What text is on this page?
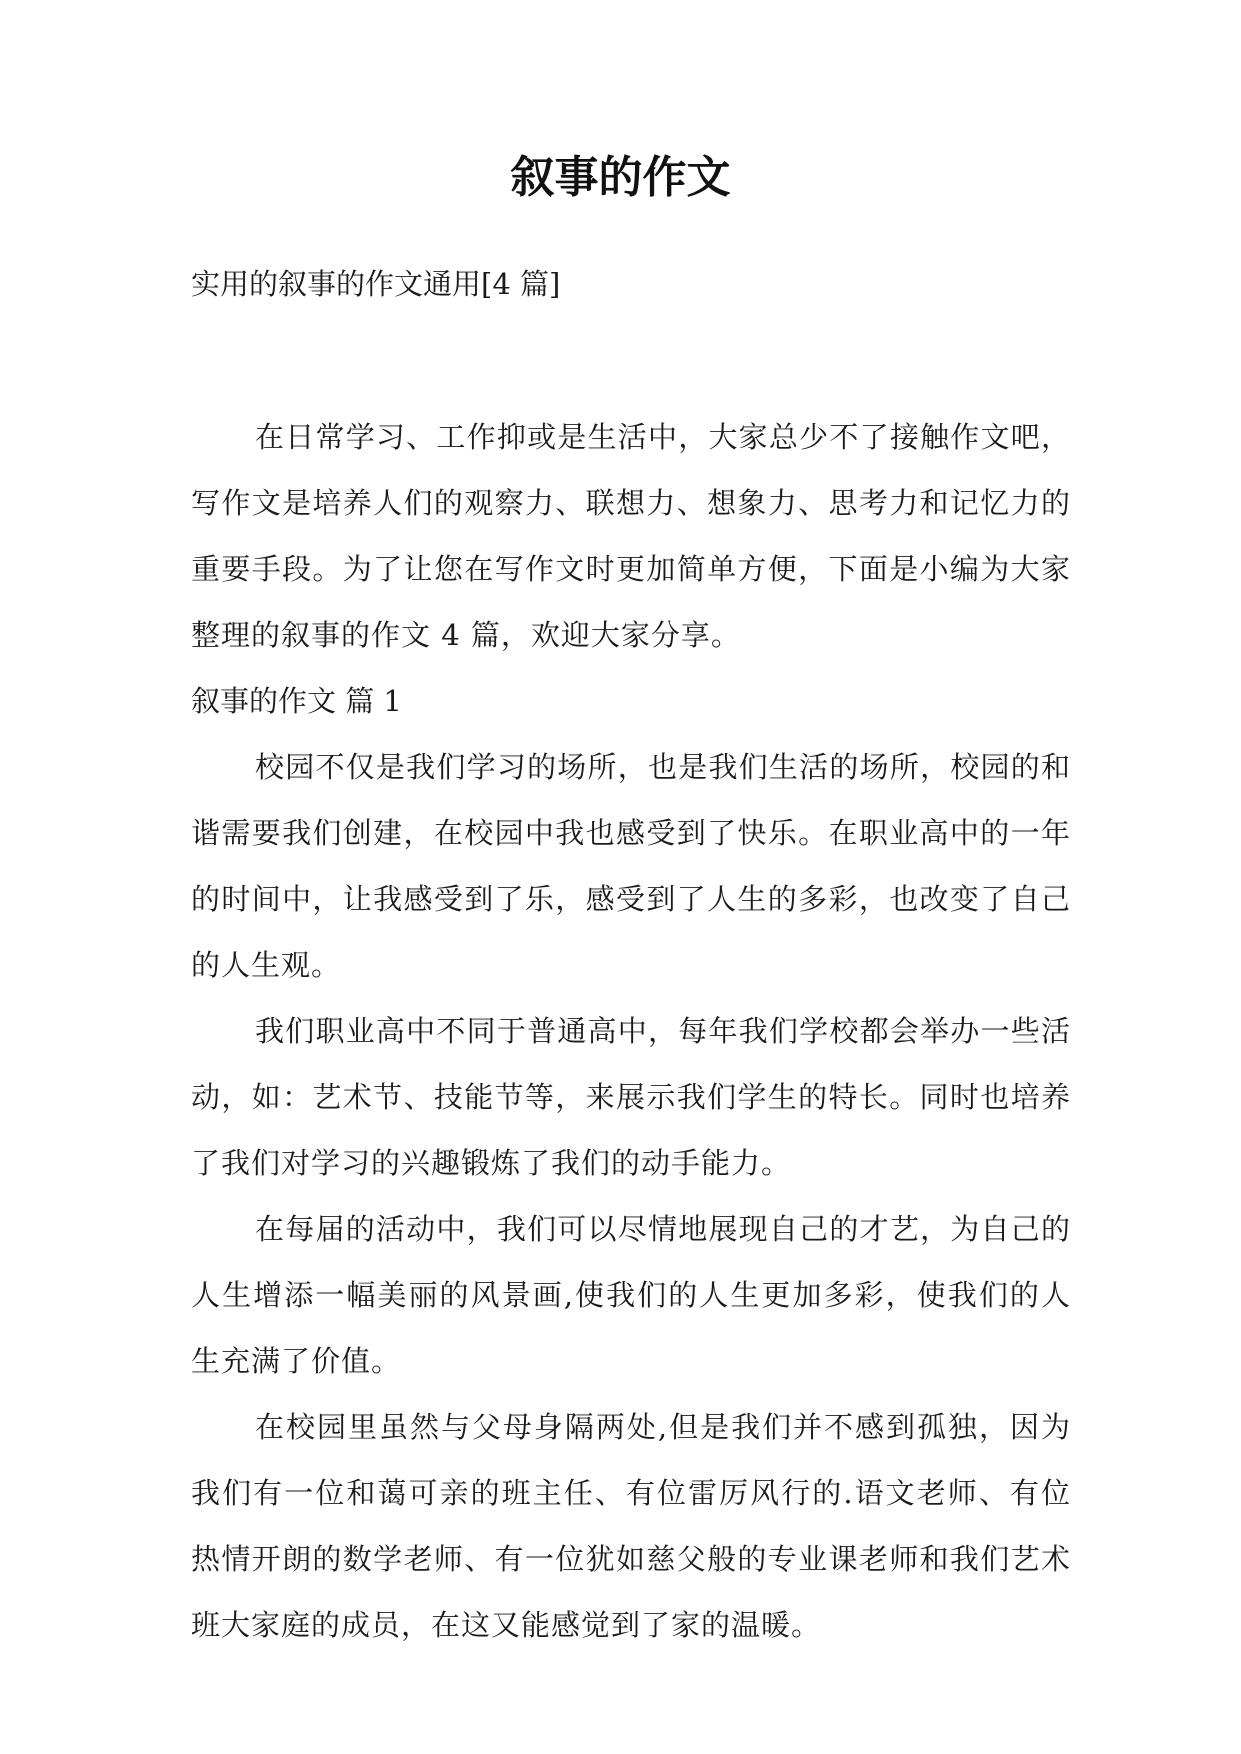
叙事的作文

实用的叙事的作文通用[4 篇]

在日常学习、工作抑或是生活中，大家总少不了接触作文吧，写作文是培养人们的观察力、联想力、想象力、思考力和记忆力的重要手段。为了让您在写作文时更加简单方便，下面是小编为大家整理的叙事的作文 4 篇，欢迎大家分享。

叙事的作文 篇 1

校园不仅是我们学习的场所，也是我们生活的场所，校园的和谐需要我们创建，在校园中我也感受到了快乐。在职业高中的一年的时间中，让我感受到了乐，感受到了人生的多彩，也改变了自己的人生观。

我们职业高中不同于普通高中，每年我们学校都会举办一些活动，如：艺术节、技能节等，来展示我们学生的特长。同时也培养了我们对学习的兴趣锻炼了我们的动手能力。

在每届的活动中，我们可以尽情地展现自己的才艺，为自己的人生增添一幅美丽的风景画,使我们的人生更加多彩，使我们的人生充满了价值。

在校园里虽然与父母身隔两处,但是我们并不感到孤独，因为我们有一位和蔼可亲的班主任、有位雷厉风行的.语文老师、有位热情开朗的数学老师、有一位犹如慈父般的专业课老师和我们艺术班大家庭的成员，在这又能感觉到了家的温暖。
